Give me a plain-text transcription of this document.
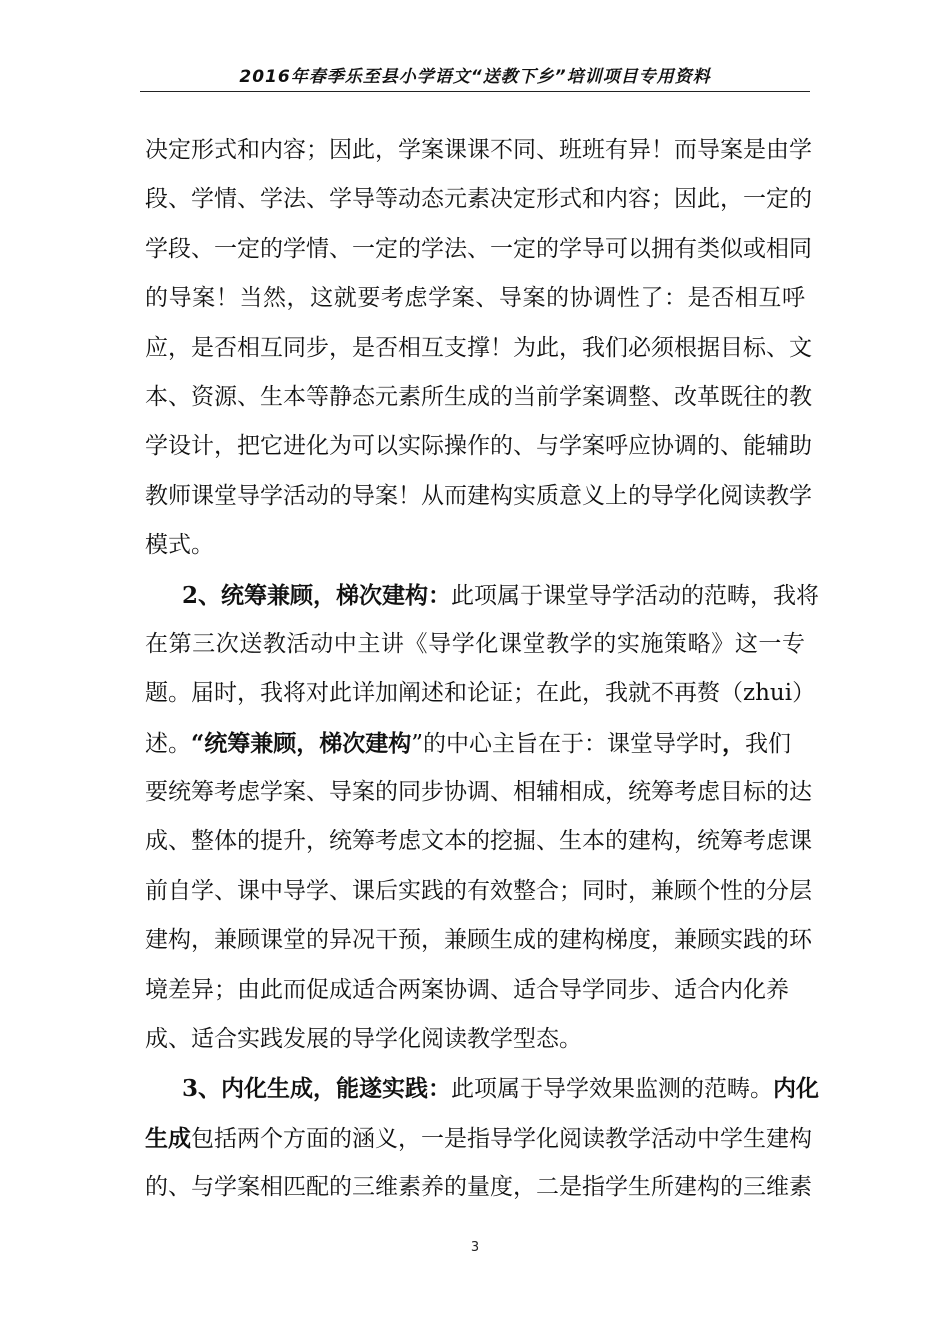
2016年春季乐至县小学语文“送教下乡”培训项目专用资料
决定形式和内容；因此，学案课课不同、班班有异！而导案是由学
段、学情、学法、学导等动态元素决定形式和内容；因此，一定的
学段、一定的学情、一定的学法、一定的学导可以拥有类似或相同
的导案！当然，这就要考虑学案、导案的协调性了：是否相互呼
应，是否相互同步，是否相互支撑！为此，我们必须根据目标、文
本、资源、生本等静态元素所生成的当前学案调整、改革既往的教
学设计，把它进化为可以实际操作的、与学案呼应协调的、能辅助
教师课堂导学活动的导案！从而建构实质意义上的导学化阅读教学
模式。
2、统筹兼顾，梯次建构：此项属于课堂导学活动的范畴，我将
在第三次送教活动中主讲《导学化课堂教学的实施策略》这一专
题。届时，我将对此详加阐述和论证；在此，我就不再赘（zhui）
述。“统筹兼顾，梯次建构”的中心主旨在于：课堂导学时，我们
要统筹考虑学案、导案的同步协调、相辅相成，统筹考虑目标的达
成、整体的提升，统筹考虑文本的挖掘、生本的建构，统筹考虑课
前自学、课中导学、课后实践的有效整合；同时，兼顾个性的分层
建构，兼顾课堂的异况干预，兼顾生成的建构梯度，兼顾实践的环
境差异；由此而促成适合两案协调、适合导学同步、适合内化养
成、适合实践发展的导学化阅读教学型态。
3、内化生成，能遂实践：此项属于导学效果监测的范畴。内化
生成包括两个方面的涵义，一是指导学化阅读教学活动中学生建构
的、与学案相匹配的三维素养的量度，二是指学生所建构的三维素
3
